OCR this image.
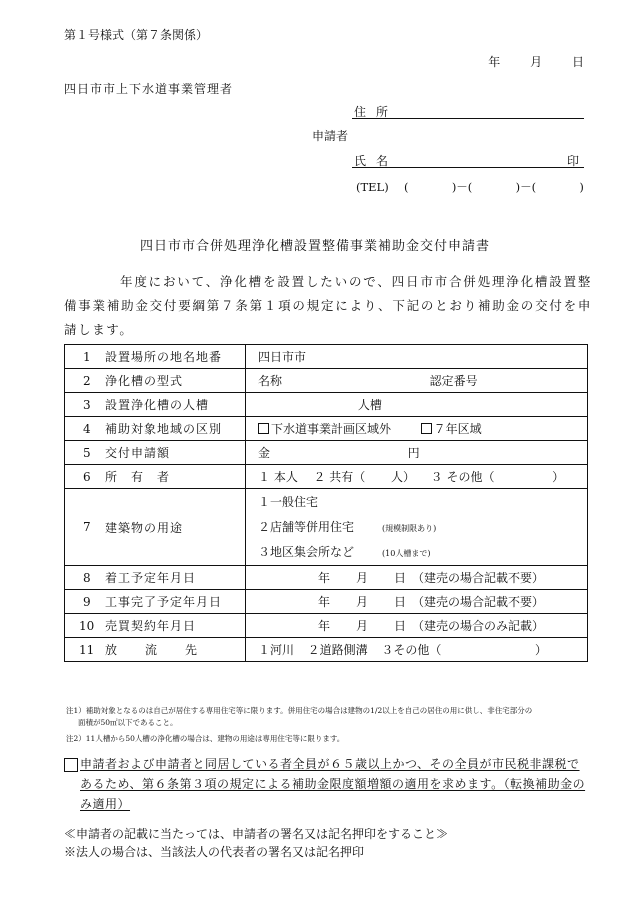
第１号様式（第７条関係）
年 月 日
四日市市上下水道事業管理者
住所
申請者
氏名	印
(TEL) (	)－(	)－(	)
四日市市合併処理浄化槽設置整備事業補助金交付申請書

年度において、浄化槽を設置したいので、四日市市合併処理浄化槽設置整備事業補助金交付要綱第７条第１項の規定により、下記のとおり補助金の交付を申請します。

1	設置場所の地名地番	四日市市
2	浄化槽の型式	名称 認定番号
3	設置浄化槽の人槽	人槽
4	補助対象地域の区別	下水道事業計画区域外 ７年区域
5	交付申請額	金 円
6	所 有 者	１ 本人 ２ 共有（ 人） ３ その他（ ）
7	建築物の用途	１一般住宅
２店舗等併用住宅 (規模制限あり)
３地区集会所など (10人槽まで)

8	着工予定年月日	年 月 日 （建売の場合記載不要）
9	工事完了予定年月日	年 月 日 （建売の場合記載不要）
10	売買契約年月日	年 月 日 （建売の場合のみ記載）
11	放 流 先	１河川 ２道路側溝 ３その他（ ）
注1）補助対象となるのは自己が居住する専用住宅等に限ります。併用住宅の場合は建物の1/2以上を自己の居住の用に供し、非住宅部分の
面積が50㎡以下であること。
注2）11人槽から50人槽の浄化槽の場合は、建物の用途は専用住宅等に限ります。
申請者および申請者と同居している者全員が６５歳以上かつ、その全員が市民税非課税であるため、第６条第３項の規定による補助金限度額増額の適用を求めます。（転換補助金のみ適用）
≪申請者の記載に当たっては、申請者の署名又は記名押印をすること≫
※法人の場合は、当該法人の代表者の署名又は記名押印
